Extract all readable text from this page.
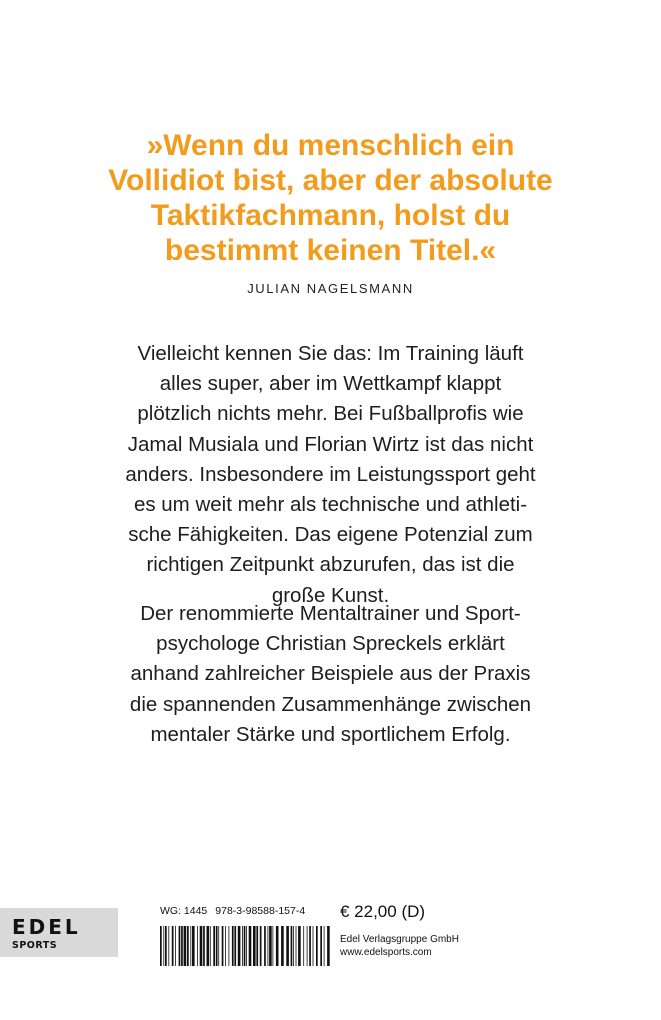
»Wenn du menschlich ein
Vollidiot bist, aber der absolute
Taktikfachmann, holst du
bestimmt keinen Titel.«
JULIAN NAGELSMANN
Vielleicht kennen Sie das: Im Training läuft
alles super, aber im Wettkampf klappt
plötzlich nichts mehr. Bei Fußballprofis wie
Jamal Musiala und Florian Wirtz ist das nicht
anders. Insbesondere im Leistungssport geht
es um weit mehr als technische und athleti-
sche Fähigkeiten. Das eigene Potenzial zum
richtigen Zeitpunkt abzurufen, das ist die
große Kunst.
Der renommierte Mentaltrainer und Sport-
psychologe Christian Spreckels erklärt
anhand zahlreicher Beispiele aus der Praxis
die spannenden Zusammenhänge zwischen
mentaler Stärke und sportlichem Erfolg.
EDEL
SPORTS
WG: 1445 978-3-98588-157-4	€ 22,00 (D)
Edel Verlagsgruppe GmbH
www.edelsports.com
